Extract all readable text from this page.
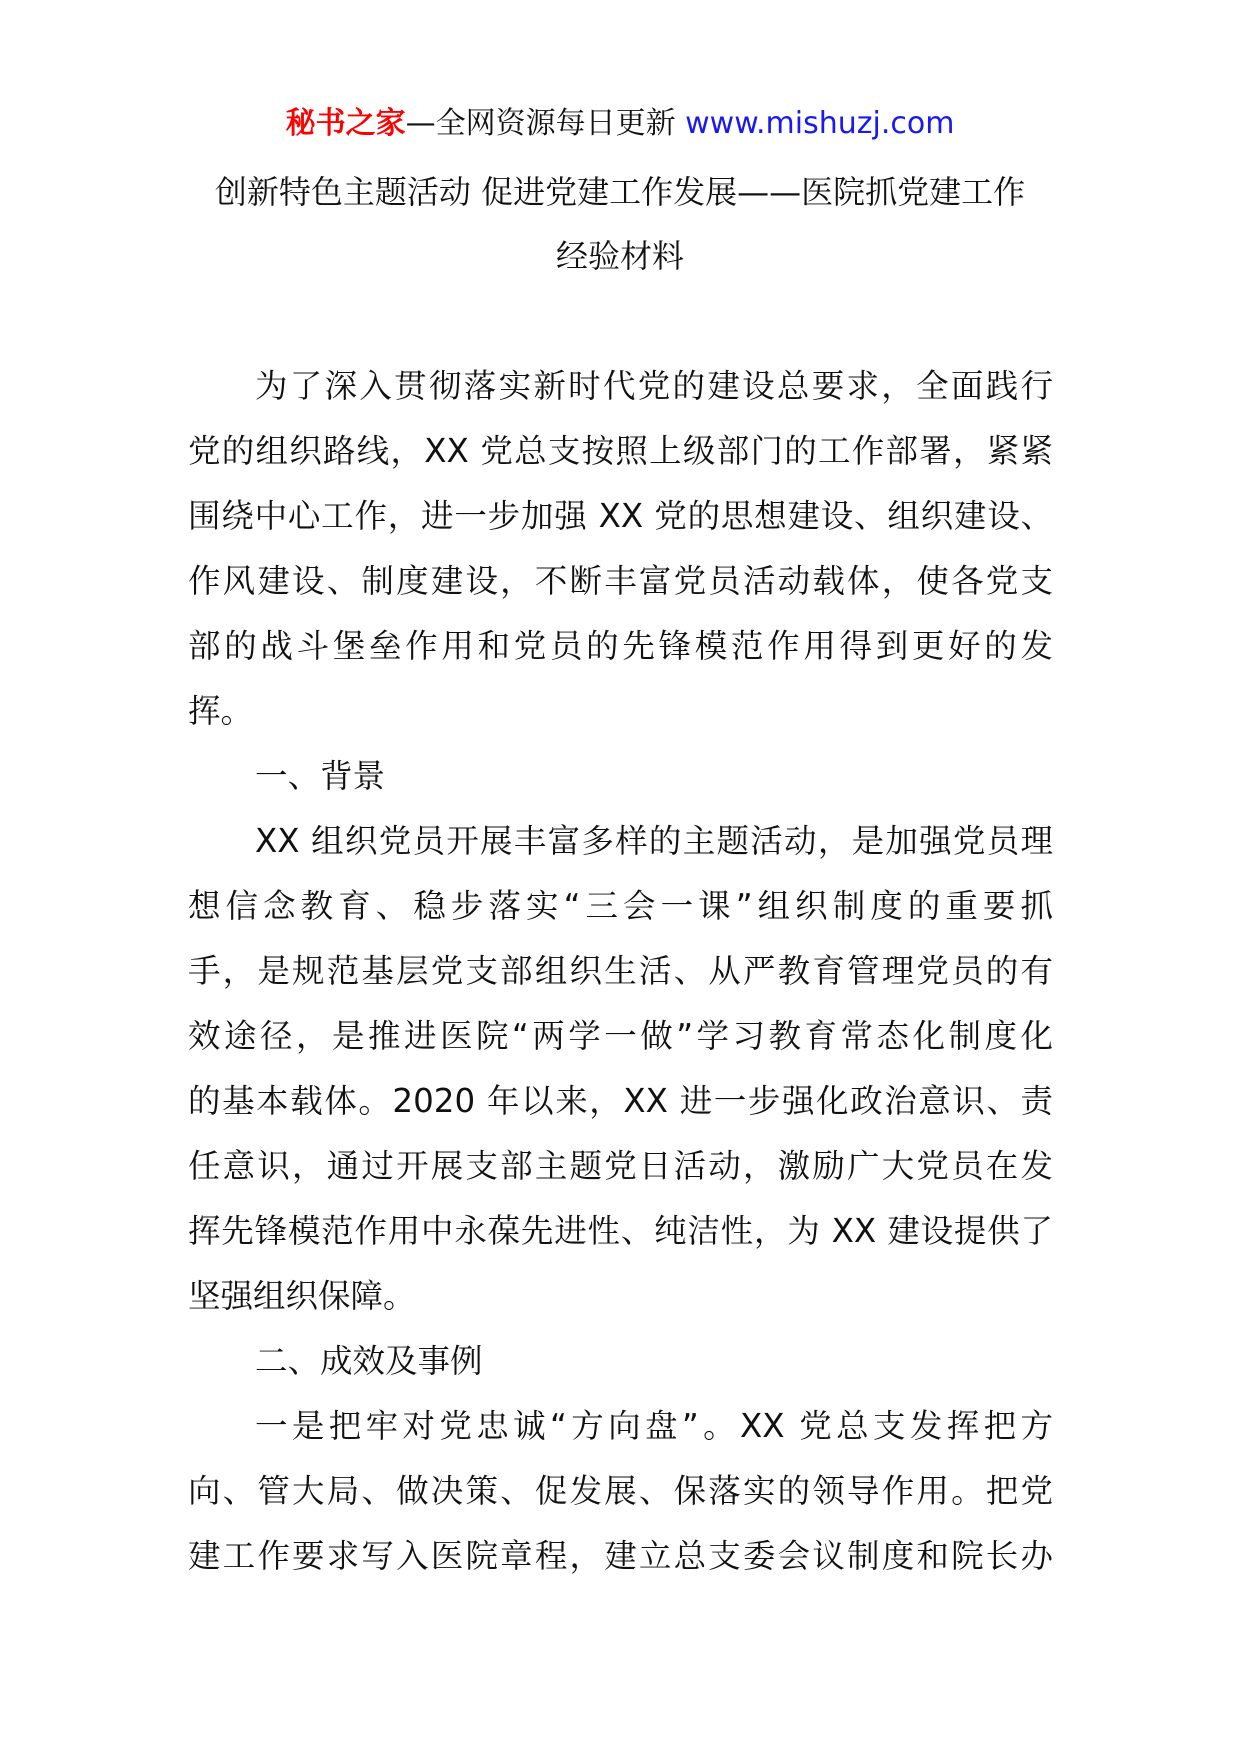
秘书之家—全网资源每日更新 www.mishuzj.com
创新特色主题活动 促进党建工作发展——医院抓党建工作
经验材料
为了深入贯彻落实新时代党的建设总要求，全面践行
党的组织路线，XX 党总支按照上级部门的工作部署，紧紧
围绕中心工作，进一步加强 XX 党的思想建设、组织建设、
作风建设、制度建设，不断丰富党员活动载体，使各党支
部的战斗堡垒作用和党员的先锋模范作用得到更好的发
挥。
一、背景
XX 组织党员开展丰富多样的主题活动，是加强党员理
想信念教育、稳步落实“三会一课”组织制度的重要抓
手，是规范基层党支部组织生活、从严教育管理党员的有
效途径，是推进医院“两学一做”学习教育常态化制度化
的基本载体。2020 年以来，XX 进一步强化政治意识、责
任意识，通过开展支部主题党日活动，激励广大党员在发
挥先锋模范作用中永葆先进性、纯洁性，为 XX 建设提供了
坚强组织保障。
二、成效及事例
一是把牢对党忠诚“方向盘”。XX 党总支发挥把方
向、管大局、做决策、促发展、保落实的领导作用。把党
建工作要求写入医院章程，建立总支委会议制度和院长办
